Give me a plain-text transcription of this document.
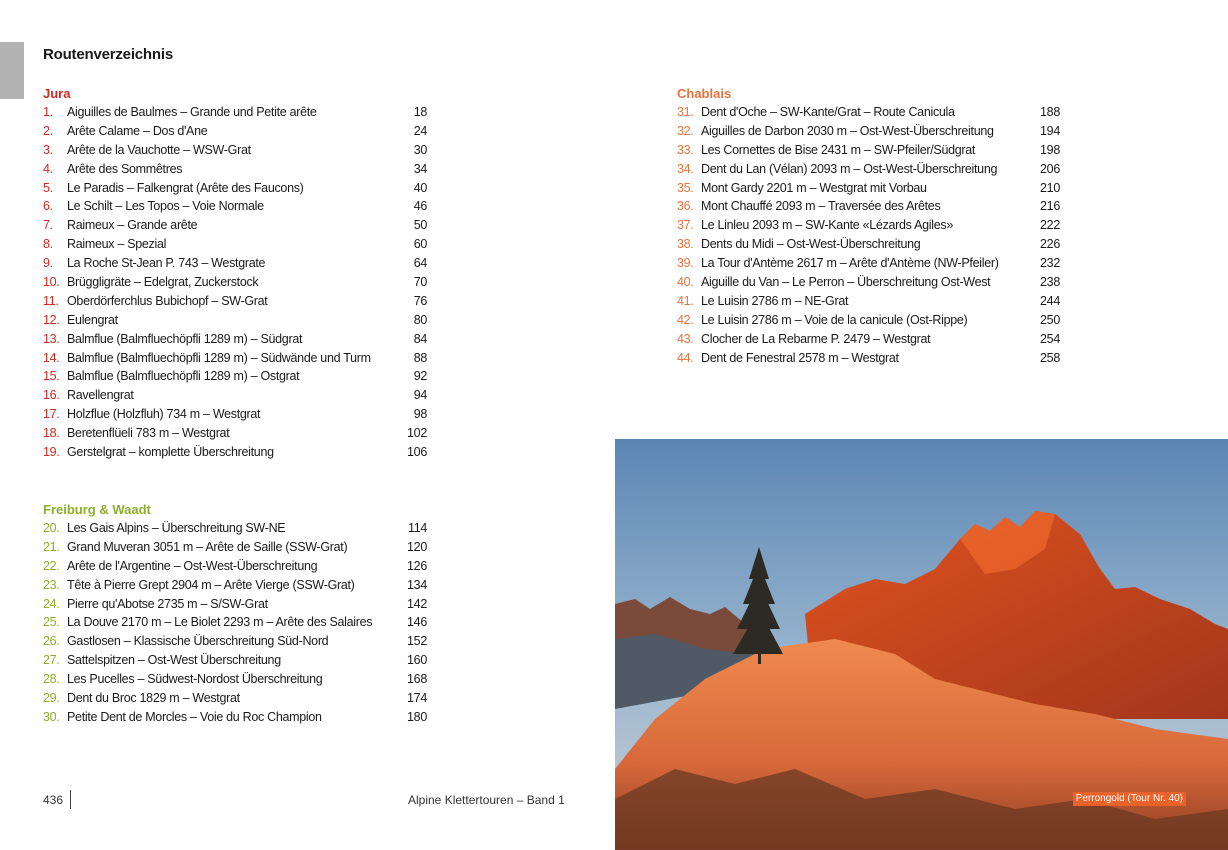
Routenverzeichnis
Jura
1. Aiguilles de Baulmes – Grande und Petite arête	18
2. Arête Calame – Dos d'Ane	24
3. Arête de la Vauchotte – WSW-Grat	30
4. Arête des Sommêtres	34
5. Le Paradis – Falkengrat (Arête des Faucons)	40
6. Le Schilt – Les Topos – Voie Normale	46
7. Raimeux – Grande arête	50
8. Raimeux – Spezial	60
9. La Roche St-Jean P. 743 – Westgrate	64
10. Brüggligräte – Edelgrat, Zuckerstock	70
11. Oberdörferchlus Bubichopf – SW-Grat	76
12. Eulengrat	80
13. Balmflue (Balmfluechöpfli 1289 m) – Südgrat	84
14. Balmflue (Balmfluechöpfli 1289 m) – Südwände und Turm	88
15. Balmflue (Balmfluechöpfli 1289 m) – Ostgrat	92
16. Ravellengrat	94
17. Holzflue (Holzfluh) 734 m – Westgrat	98
18. Beretenflüeli 783 m – Westgrat	102
19. Gerstelgrat – komplette Überschreitung	106
Freiburg & Waadt
20. Les Gais Alpins – Überschreitung SW-NE	114
21. Grand Muveran 3051 m – Arête de Saille (SSW-Grat)	120
22. Arête de l'Argentine – Ost-West-Überschreitung	126
23. Tête à Pierre Grept 2904 m – Arête Vierge (SSW-Grat)	134
24. Pierre qu'Abotse 2735 m – S/SW-Grat	142
25. La Douve 2170 m – Le Biolet 2293 m – Arête des Salaires	146
26. Gastlosen – Klassische Überschreitung Süd-Nord	152
27. Sattelspitzen – Ost-West Überschreitung	160
28. Les Pucelles – Südwest-Nordost Überschreitung	168
29. Dent du Broc 1829 m – Westgrat	174
30. Petite Dent de Morcles – Voie du Roc Champion	180
Chablais
31. Dent d'Oche – SW-Kante/Grat – Route Canicula	188
32. Aiguilles de Darbon 2030 m – Ost-West-Überschreitung	194
33. Les Cornettes de Bise 2431 m – SW-Pfeiler/Südgrat	198
34. Dent du Lan (Vélan) 2093 m – Ost-West-Überschreitung	206
35. Mont Gardy 2201 m – Westgrat mit Vorbau	210
36. Mont Chauffé 2093 m – Traversée des Arêtes	216
37. Le Linleu 2093 m – SW-Kante «Lézards Agiles»	222
38. Dents du Midi – Ost-West-Überschreitung	226
39. La Tour d'Antème 2617 m – Arête d'Antème (NW-Pfeiler)	232
40. Aiguille du Van – Le Perron – Überschreitung Ost-West	238
41. Le Luisin 2786 m – NE-Grat	244
42. Le Luisin 2786 m – Voie de la canicule (Ost-Rippe)	250
43. Clocher de La Rebarme P. 2479 – Westgrat	254
44. Dent de Fenestral 2578 m – Westgrat	258
Perrongold (Tour Nr. 40)
436	Alpine Klettertouren – Band 1
